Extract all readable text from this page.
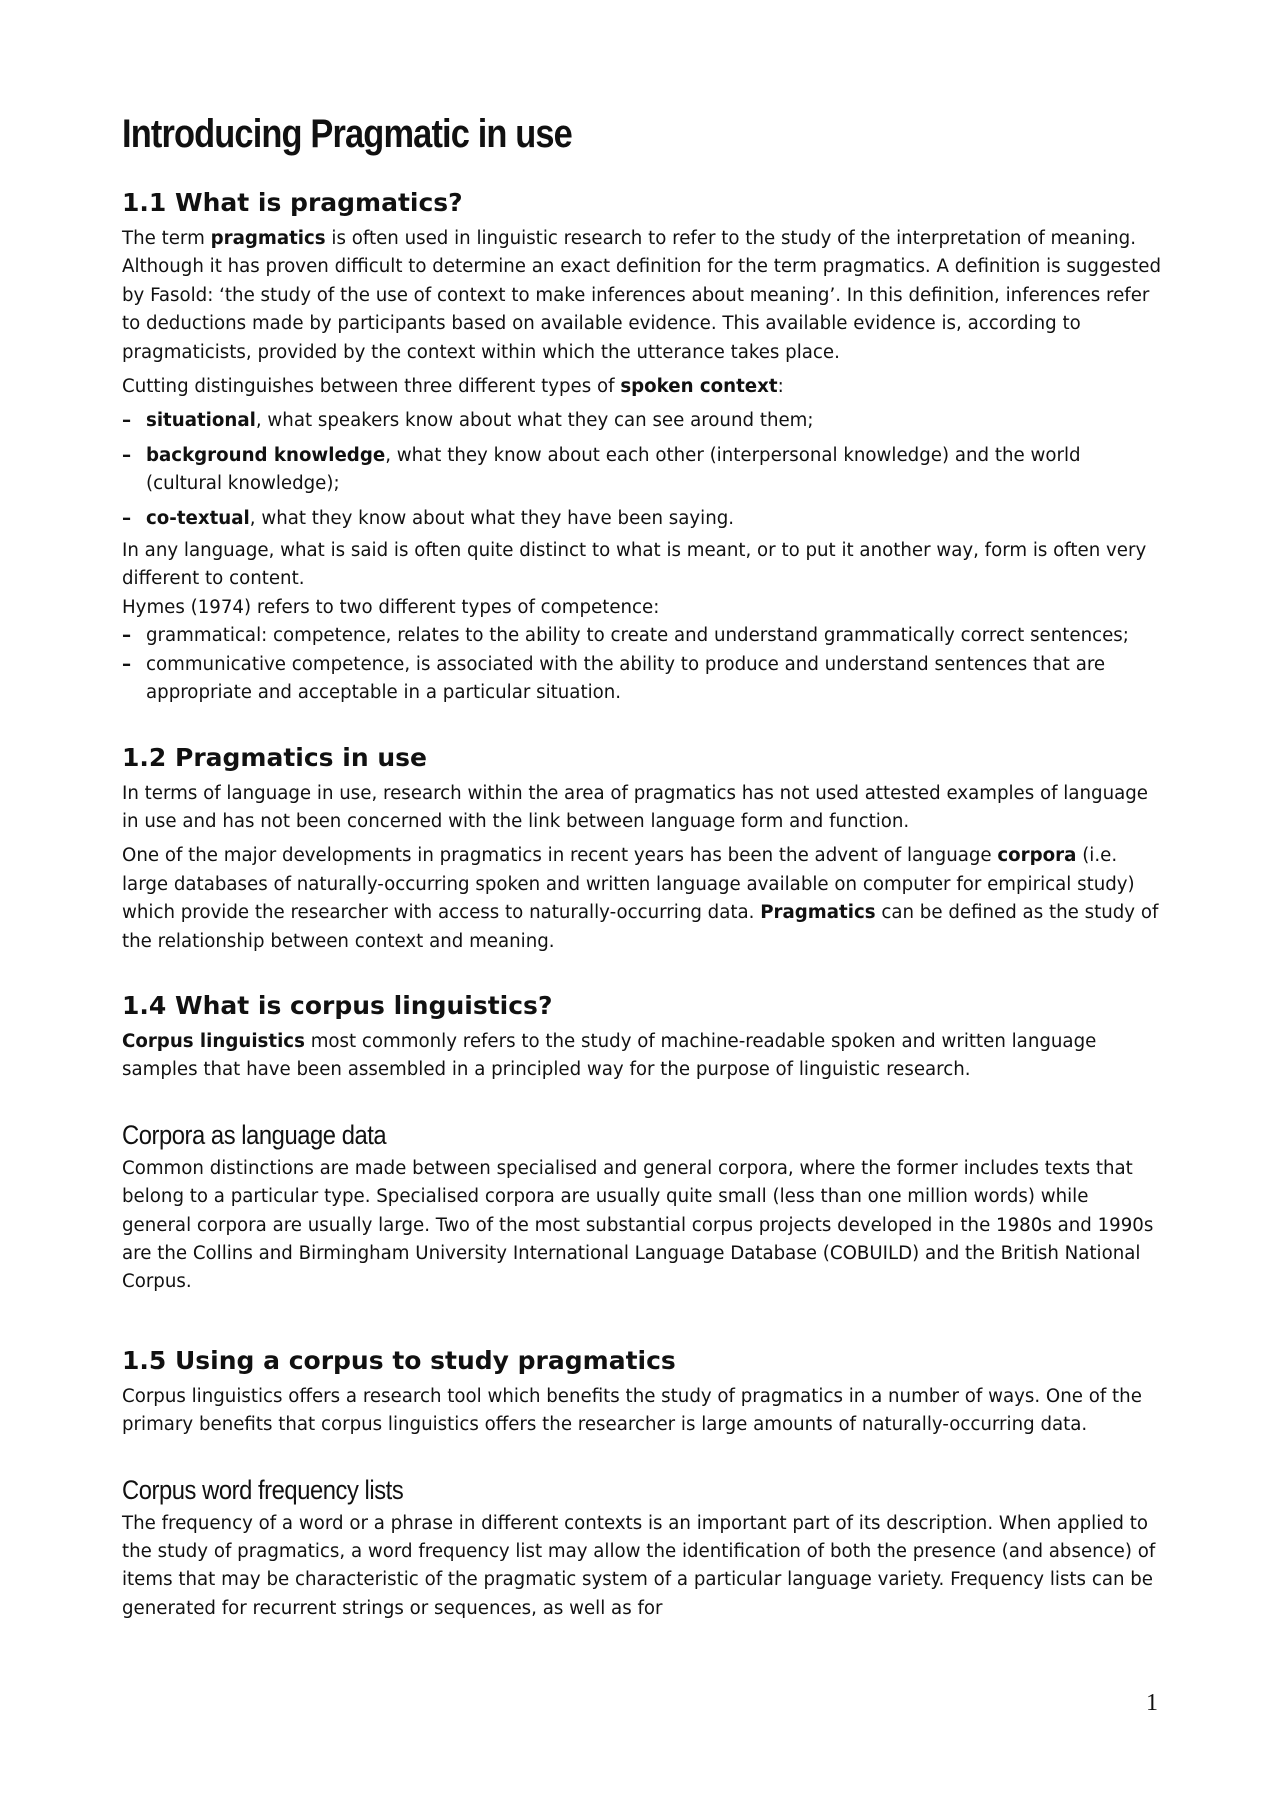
Introducing Pragmatic in use
1.1 What is pragmatics?

The term pragmatics is often used in linguistic research to refer to the study of the interpretation of meaning. Although it has proven difficult to determine an exact definition for the term pragmatics. A definition is suggested by Fasold: ‘the study of the use of context to make inferences about meaning’. In this definition, inferences refer to deductions made by participants based on available evidence. This available evidence is, according to pragmaticists, provided by the context within which the utterance takes place.

Cutting distinguishes between three different types of spoken context:

– situational, what speakers know about what they can see around them;
– background knowledge, what they know about each other (interpersonal knowledge) and the world (cultural knowledge);
– co-textual, what they know about what they have been saying.

In any language, what is said is often quite distinct to what is meant, or to put it another way, form is often very different to content.

Hymes (1974) refers to two different types of competence:

– grammatical: competence, relates to the ability to create and understand grammatically correct sentences;
– communicative competence, is associated with the ability to produce and understand sentences that are appropriate and acceptable in a particular situation.
1.2 Pragmatics in use

In terms of language in use, research within the area of pragmatics has not used attested examples of language in use and has not been concerned with the link between language form and function.

One of the major developments in pragmatics in recent years has been the advent of language corpora (i.e. large databases of naturally-occurring spoken and written language available on computer for empirical study) which provide the researcher with access to naturally-occurring data. Pragmatics can be defined as the study of the relationship between context and meaning.

1.4 What is corpus linguistics?

Corpus linguistics most commonly refers to the study of machine-readable spoken and written language samples that have been assembled in a principled way for the purpose of linguistic research.

Corpora as language data

Common distinctions are made between specialised and general corpora, where the former includes texts that belong to a particular type. Specialised corpora are usually quite small (less than one million words) while general corpora are usually large. Two of the most substantial corpus projects developed in the 1980s and 1990s are the Collins and Birmingham University International Language Database (COBUILD) and the British National Corpus.

1.5 Using a corpus to study pragmatics

Corpus linguistics offers a research tool which benefits the study of pragmatics in a number of ways. One of the primary benefits that corpus linguistics offers the researcher is large amounts of naturally-occurring data.

Corpus word frequency lists

The frequency of a word or a phrase in different contexts is an important part of its description. When applied to the study of pragmatics, a word frequency list may allow the identification of both the presence (and absence) of items that may be characteristic of the pragmatic system of a particular language variety. Frequency lists can be generated for recurrent strings or sequences, as well as for

1
